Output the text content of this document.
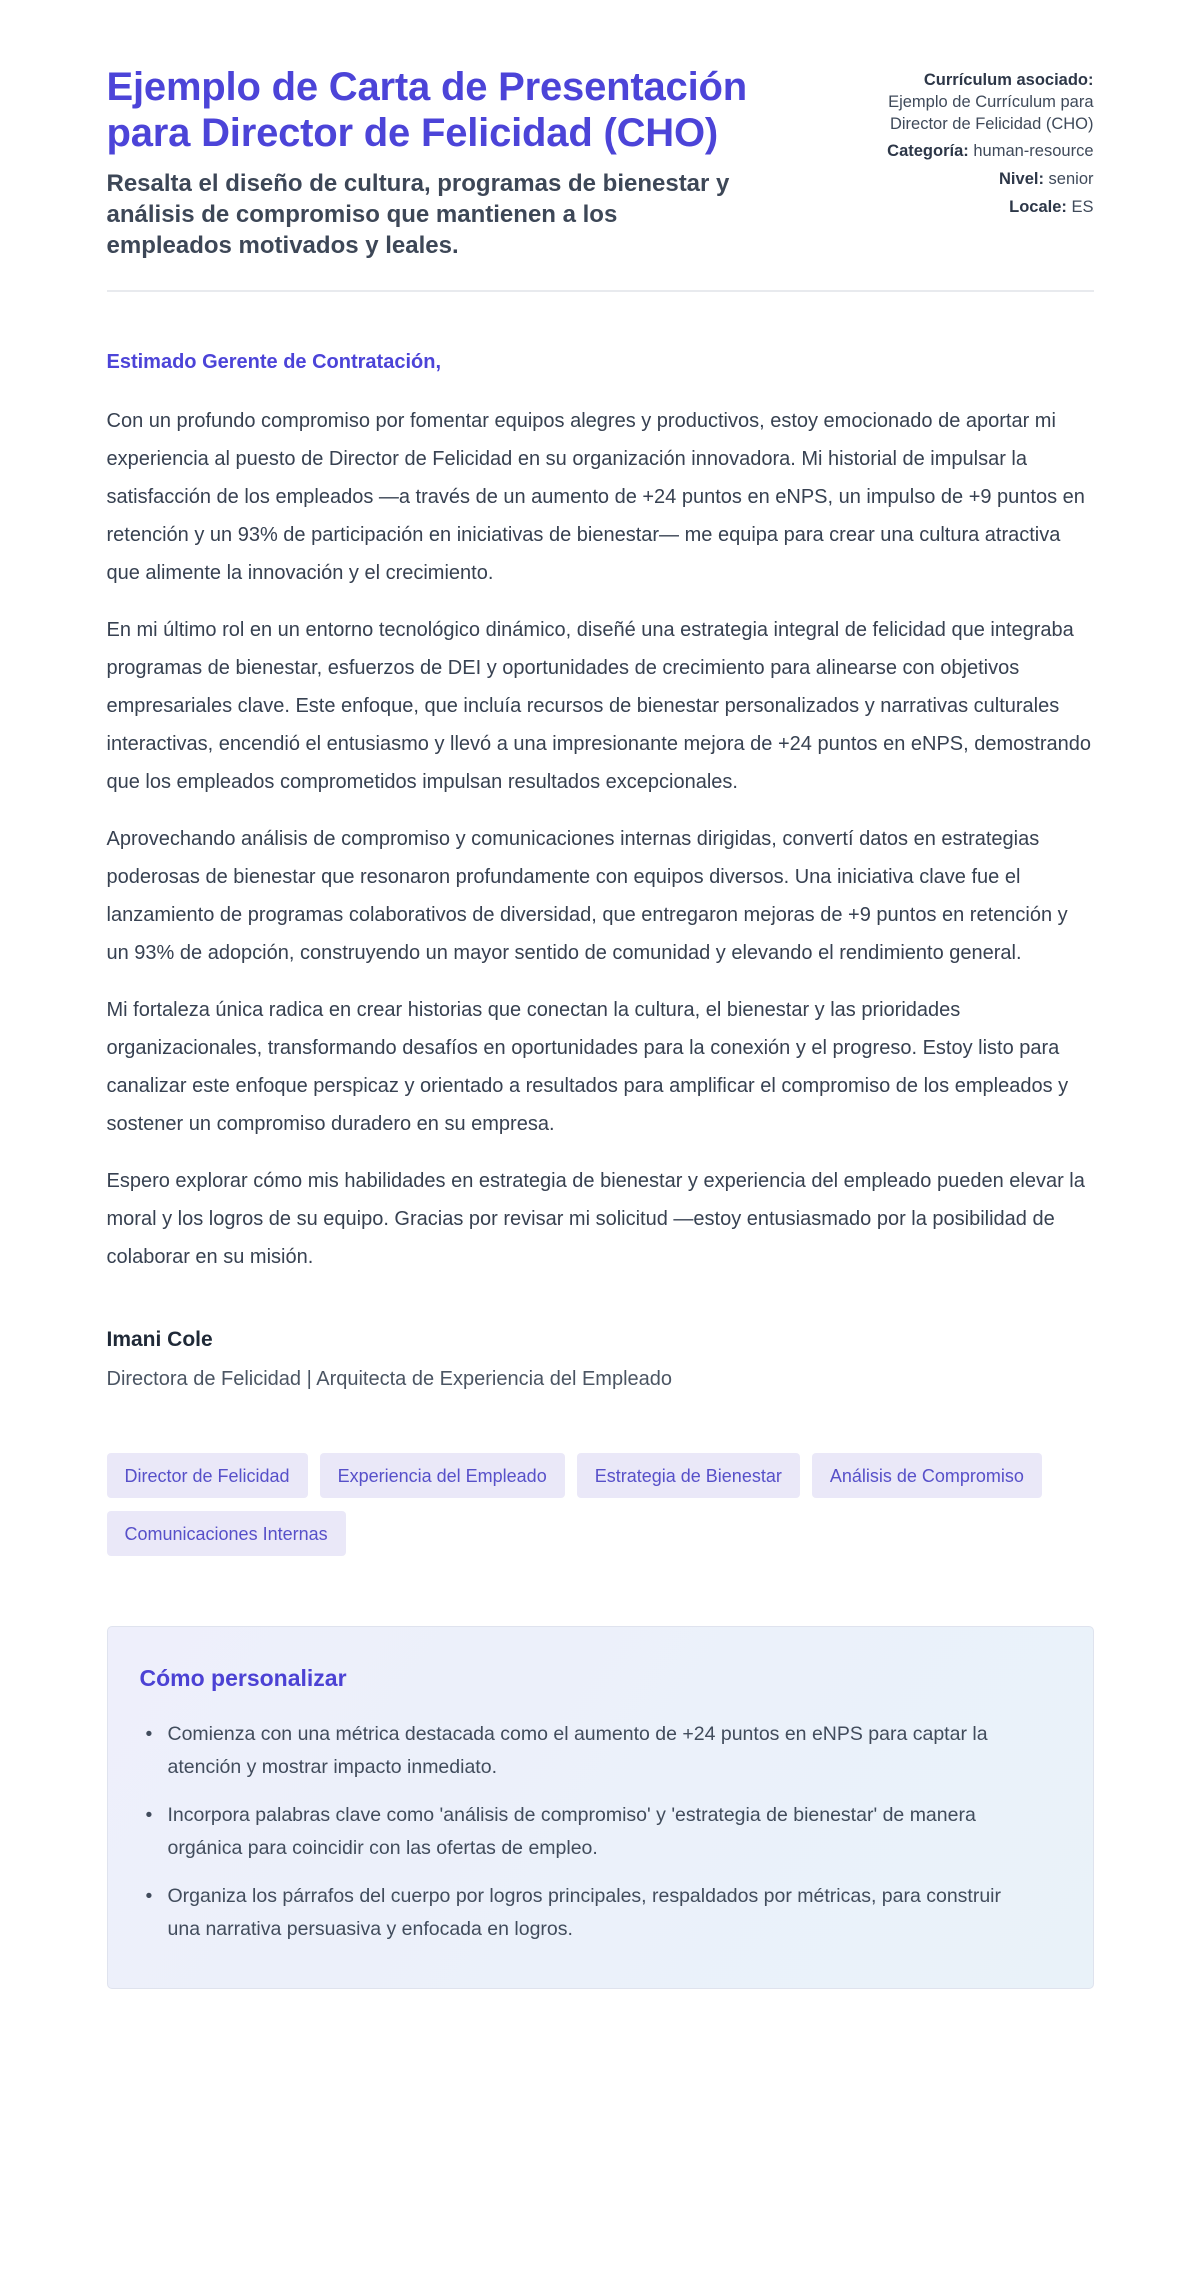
Ejemplo de Carta de Presentación para Director de Felicidad (CHO)

Resalta el diseño de cultura, programas de bienestar y análisis de compromiso que mantienen a los empleados motivados y leales.

Currículum asociado:
Ejemplo de Currículum para Director de Felicidad (CHO)
Categoría: human-resource
Nivel: senior
Locale: ES

Estimado Gerente de Contratación,

Con un profundo compromiso por fomentar equipos alegres y productivos, estoy emocionado de aportar mi experiencia al puesto de Director de Felicidad en su organización innovadora. Mi historial de impulsar la satisfacción de los empleados —a través de un aumento de +24 puntos en eNPS, un impulso de +9 puntos en retención y un 93% de participación en iniciativas de bienestar— me equipa para crear una cultura atractiva que alimente la innovación y el crecimiento.

En mi último rol en un entorno tecnológico dinámico, diseñé una estrategia integral de felicidad que integraba programas de bienestar, esfuerzos de DEI y oportunidades de crecimiento para alinearse con objetivos empresariales clave. Este enfoque, que incluía recursos de bienestar personalizados y narrativas culturales interactivas, encendió el entusiasmo y llevó a una impresionante mejora de +24 puntos en eNPS, demostrando que los empleados comprometidos impulsan resultados excepcionales.

Aprovechando análisis de compromiso y comunicaciones internas dirigidas, convertí datos en estrategias poderosas de bienestar que resonaron profundamente con equipos diversos. Una iniciativa clave fue el lanzamiento de programas colaborativos de diversidad, que entregaron mejoras de +9 puntos en retención y un 93% de adopción, construyendo un mayor sentido de comunidad y elevando el rendimiento general.

Mi fortaleza única radica en crear historias que conectan la cultura, el bienestar y las prioridades organizacionales, transformando desafíos en oportunidades para la conexión y el progreso. Estoy listo para canalizar este enfoque perspicaz y orientado a resultados para amplificar el compromiso de los empleados y sostener un compromiso duradero en su empresa.

Espero explorar cómo mis habilidades en estrategia de bienestar y experiencia del empleado pueden elevar la moral y los logros de su equipo. Gracias por revisar mi solicitud —estoy entusiasmado por la posibilidad de colaborar en su misión.

Imani Cole

Directora de Felicidad | Arquitecta de Experiencia del Empleado

Director de Felicidad	Experiencia del Empleado	Estrategia de Bienestar	Análisis de Compromiso
Comunicaciones Internas
Cómo personalizar
• Comienza con una métrica destacada como el aumento de +24 puntos en eNPS para captar la atención y mostrar impacto inmediato.
• Incorpora palabras clave como 'análisis de compromiso' y 'estrategia de bienestar' de manera orgánica para coincidir con las ofertas de empleo.
• Organiza los párrafos del cuerpo por logros principales, respaldados por métricas, para construir una narrativa persuasiva y enfocada en logros.
